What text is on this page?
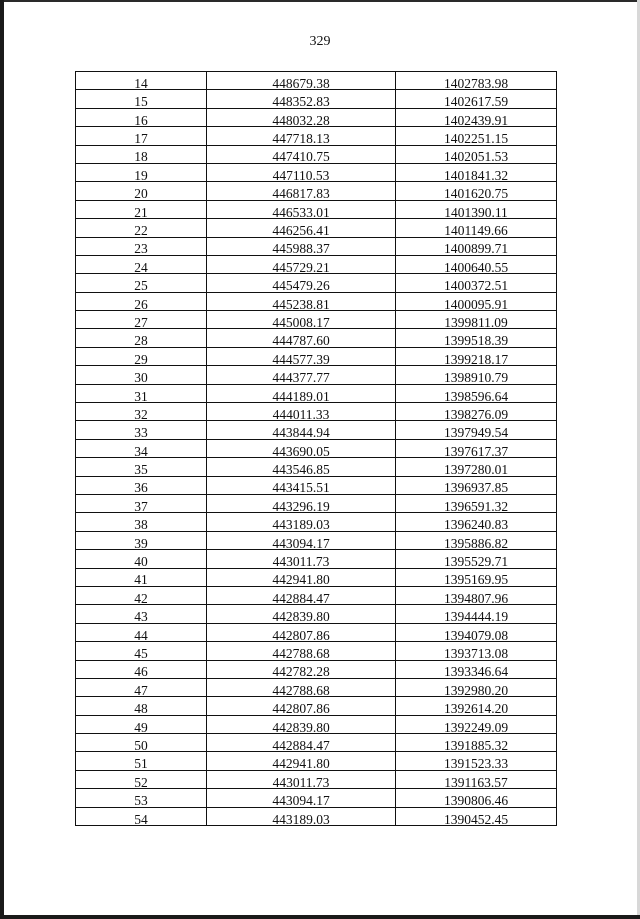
329
14	448679.38	1402783.98
15	448352.83	1402617.59
16	448032.28	1402439.91
17	447718.13	1402251.15
18	447410.75	1402051.53
19	447110.53	1401841.32
20	446817.83	1401620.75
21	446533.01	1401390.11
22	446256.41	1401149.66
23	445988.37	1400899.71
24	445729.21	1400640.55
25	445479.26	1400372.51
26	445238.81	1400095.91
27	445008.17	1399811.09
28	444787.60	1399518.39
29	444577.39	1399218.17
30	444377.77	1398910.79
31	444189.01	1398596.64
32	444011.33	1398276.09
33	443844.94	1397949.54
34	443690.05	1397617.37
35	443546.85	1397280.01
36	443415.51	1396937.85
37	443296.19	1396591.32
38	443189.03	1396240.83
39	443094.17	1395886.82
40	443011.73	1395529.71
41	442941.80	1395169.95
42	442884.47	1394807.96
43	442839.80	1394444.19
44	442807.86	1394079.08
45	442788.68	1393713.08
46	442782.28	1393346.64
47	442788.68	1392980.20
48	442807.86	1392614.20
49	442839.80	1392249.09
50	442884.47	1391885.32
51	442941.80	1391523.33
52	443011.73	1391163.57
53	443094.17	1390806.46
54	443189.03	1390452.45
